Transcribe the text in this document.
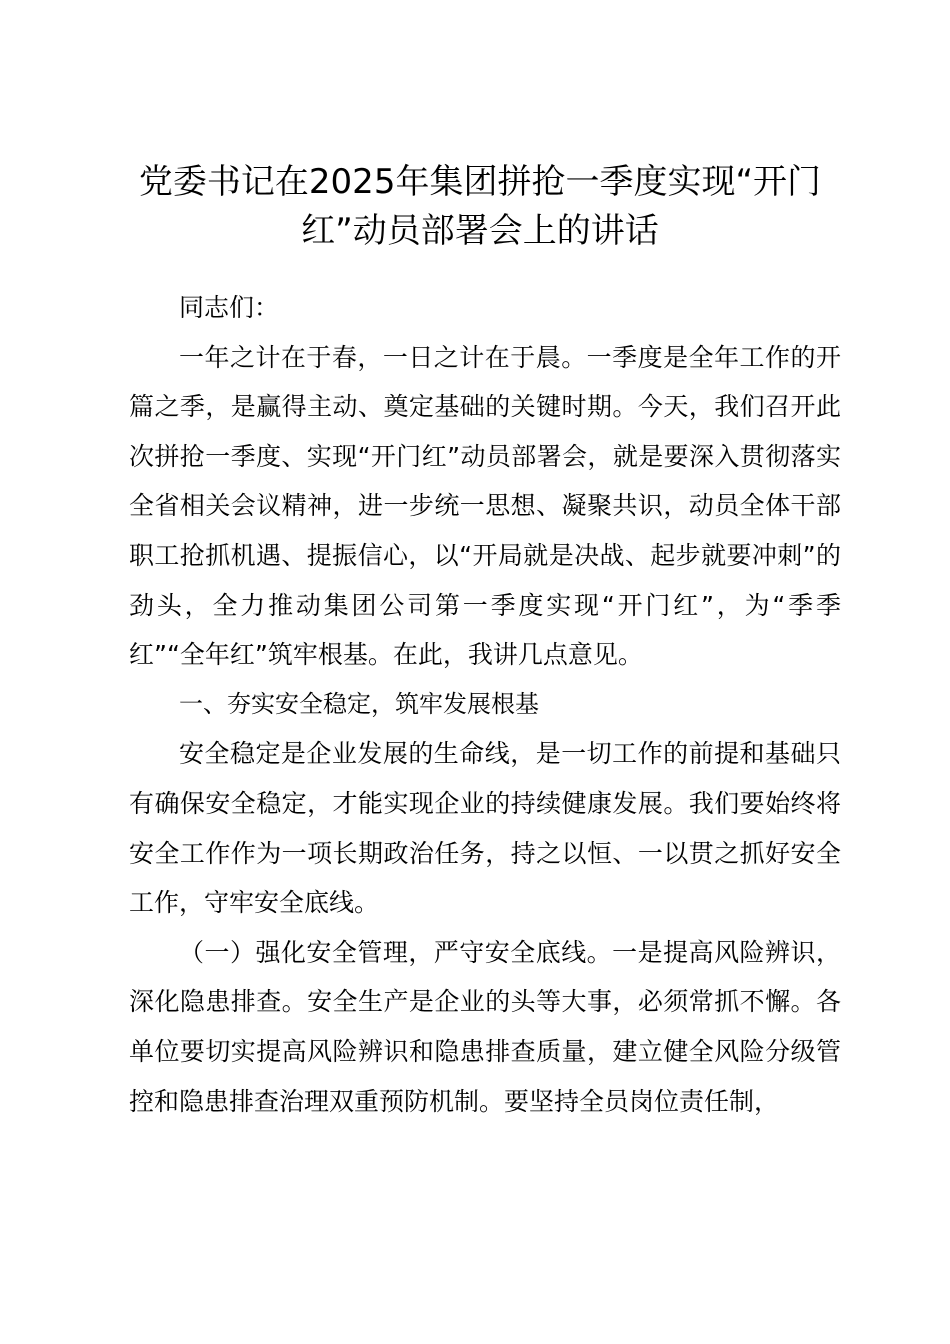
党委书记在2025年集团拼抢一季度实现“开门红”动员部署会上的讲话

同志们：

一年之计在于春，一日之计在于晨。一季度是全年工作的开篇之季，是赢得主动、奠定基础的关键时期。今天，我们召开此次拼抢一季度、实现“开门红”动员部署会，就是要深入贯彻落实全省相关会议精神，进一步统一思想、凝聚共识，动员全体干部职工抢抓机遇、提振信心，以“开局就是决战、起步就要冲刺”的劲头，全力推动集团公司第一季度实现“开门红”，为“季季红”“全年红”筑牢根基。在此，我讲几点意见。

一、夯实安全稳定，筑牢发展根基

安全稳定是企业发展的生命线，是一切工作的前提和基础只有确保安全稳定，才能实现企业的持续健康发展。我们要始终将安全工作作为一项长期政治任务，持之以恒、一以贯之抓好安全工作，守牢安全底线。

（一）强化安全管理，严守安全底线。一是提高风险辨识，深化隐患排查。安全生产是企业的头等大事，必须常抓不懈。各单位要切实提高风险辨识和隐患排查质量，建立健全风险分级管控和隐患排查治理双重预防机制。要坚持全员岗位责任制，
